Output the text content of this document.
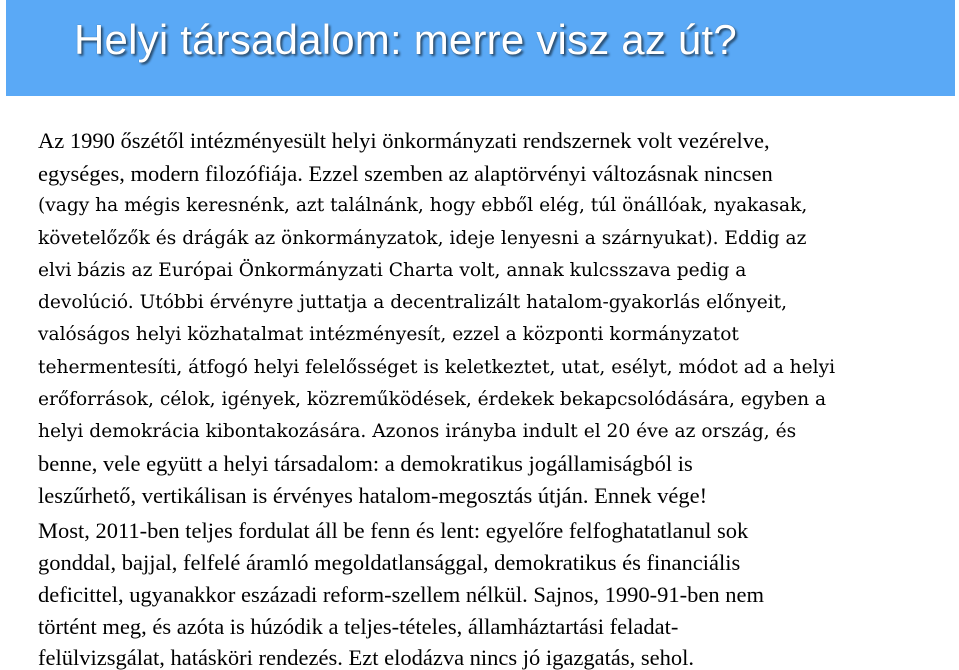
Helyi társadalom: merre visz az út?

Az 1990 őszétől intézményesült helyi önkormányzati rendszernek volt vezérelve,

egységes, modern filozófiája. Ezzel szemben az alaptörvényi változásnak nincsen

(vagy ha mégis keresnénk, azt találnánk, hogy ebből elég, túl önállóak, nyakasak,

követelőzők és drágák az önkormányzatok, ideje lenyesni a szárnyukat). Eddig az

elvi bázis az Európai Önkormányzati Charta volt, annak kulcsszava pedig a

devolúció. Utóbbi érvényre juttatja a decentralizált hatalom-gyakorlás előnyeit,

valóságos helyi közhatalmat intézményesít, ezzel a központi kormányzatot

tehermentesíti, átfogó helyi felelősséget is keletkeztet, utat, esélyt, módot ad a helyi

erőforrások, célok, igények, közreműködések, érdekek bekapcsolódására, egyben a

helyi demokrácia kibontakozására. Azonos irányba indult el 20 éve az ország, és

benne, vele együtt a helyi társadalom: a demokratikus jogállamiságból is

leszűrhető, vertikálisan is érvényes hatalom-megosztás útján. Ennek vége!

Most, 2011-ben teljes fordulat áll be fenn és lent: egyelőre felfoghatatlanul sok

gonddal, bajjal, felfelé áramló megoldatlansággal, demokratikus és financiális

deficittel, ugyanakkor eszázadi reform-szellem nélkül. Sajnos, 1990-91-ben nem

történt meg, és azóta is húzódik a teljes-tételes, államháztartási feladat-

felülvizsgálat, hatásköri rendezés. Ezt elodázva nincs jó igazgatás, sehol.
